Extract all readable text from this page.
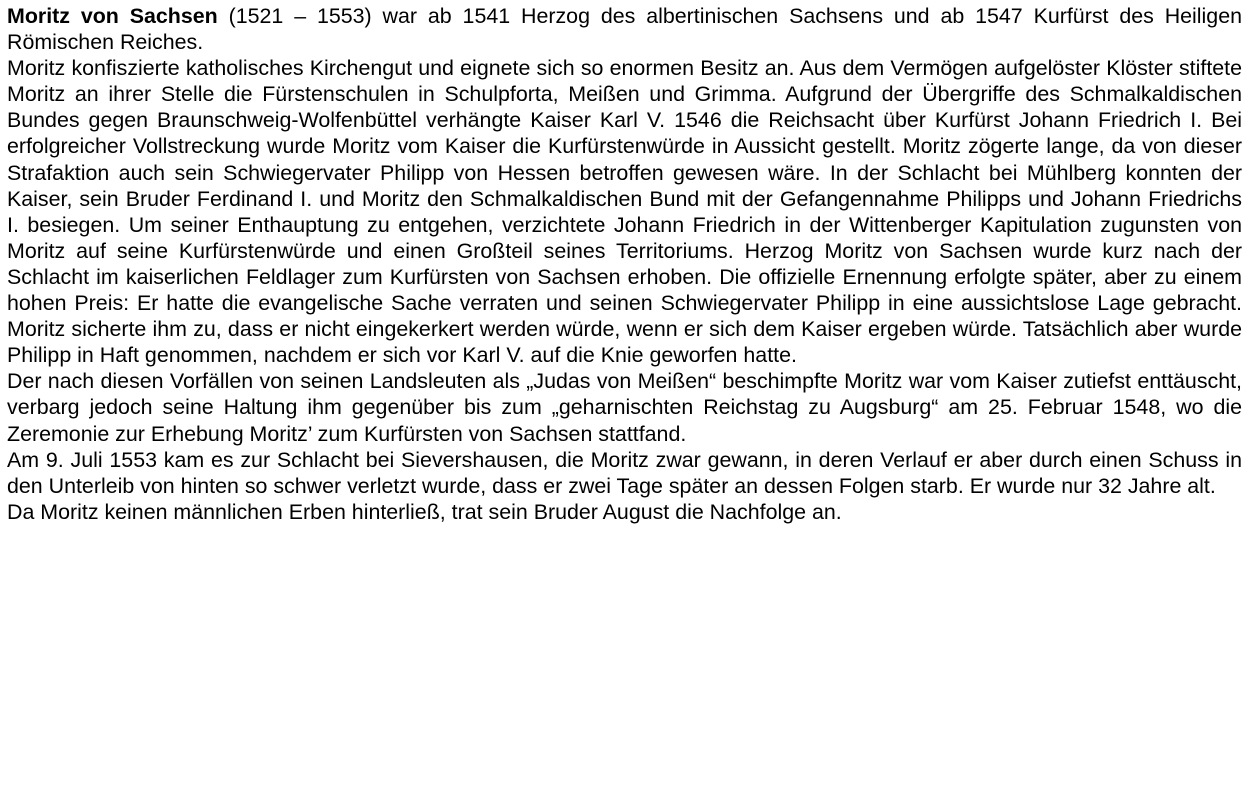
Moritz von Sachsen (1521 – 1553) war ab 1541 Herzog des albertinischen Sachsens und ab 1547 Kurfürst des Heiligen Römischen Reiches.

Moritz konfiszierte katholisches Kirchengut und eignete sich so enormen Besitz an. Aus dem Vermögen aufgelöster Klöster stiftete Moritz an ihrer Stelle die Fürstenschulen in Schulpforta, Meißen und Grimma. Aufgrund der Übergriffe des Schmalkaldischen Bundes gegen Braunschweig-Wolfenbüttel verhängte Kaiser Karl V. 1546 die Reichsacht über Kurfürst Johann Friedrich I. Bei erfolgreicher Vollstreckung wurde Moritz vom Kaiser die Kurfürstenwürde in Aussicht gestellt. Moritz zögerte lange, da von dieser Strafaktion auch sein Schwiegervater Philipp von Hessen betroffen gewesen wäre. In der Schlacht bei Mühlberg konnten der Kaiser, sein Bruder Ferdinand I. und Moritz den Schmalkaldischen Bund mit der Gefangennahme Philipps und Johann Friedrichs I. besiegen. Um seiner Enthauptung zu entgehen, verzichtete Johann Friedrich in der Wittenberger Kapitulation zugunsten von Moritz auf seine Kurfürstenwürde und einen Großteil seines Territoriums. Herzog Moritz von Sachsen wurde kurz nach der Schlacht im kaiserlichen Feldlager zum Kurfürsten von Sachsen erhoben. Die offizielle Ernennung erfolgte später, aber zu einem hohen Preis: Er hatte die evangelische Sache verraten und seinen Schwiegervater Philipp in eine aussichtslose Lage gebracht. Moritz sicherte ihm zu, dass er nicht eingekerkert werden würde, wenn er sich dem Kaiser ergeben würde. Tatsächlich aber wurde Philipp in Haft genommen, nachdem er sich vor Karl V. auf die Knie geworfen hatte.

Der nach diesen Vorfällen von seinen Landsleuten als „Judas von Meißen“ beschimpfte Moritz war vom Kaiser zutiefst enttäuscht, verbarg jedoch seine Haltung ihm gegenüber bis zum „geharnischten Reichstag zu Augsburg“ am 25. Februar 1548, wo die Zeremonie zur Erhebung Moritz’ zum Kurfürsten von Sachsen stattfand.

Am 9. Juli 1553 kam es zur Schlacht bei Sievershausen, die Moritz zwar gewann, in deren Verlauf er aber durch einen Schuss in den Unterleib von hinten so schwer verletzt wurde, dass er zwei Tage später an dessen Folgen starb. Er wurde nur 32 Jahre alt.

Da Moritz keinen männlichen Erben hinterließ, trat sein Bruder August die Nachfolge an.
